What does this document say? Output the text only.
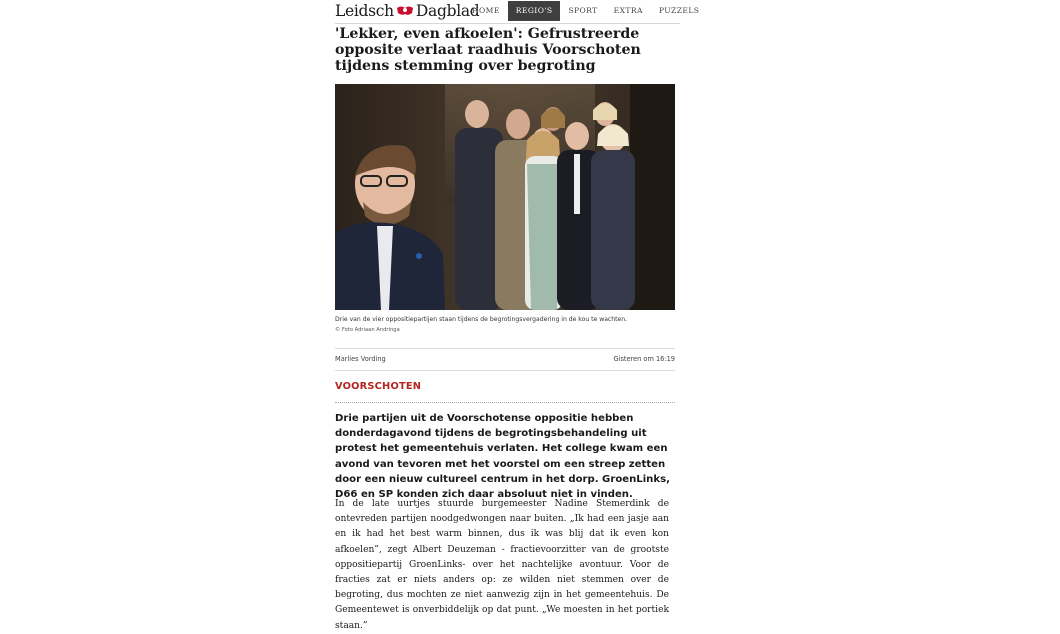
Leidsch Dagblad
HOME	REGIO'S	SPORT	EXTRA	PUZZELS
'Lekker, even afkoelen': Gefrustreerde opposite verlaat raadhuis Voorschoten tijdens stemming over begroting
Drie van de vier oppositiepartijen staan tijdens de begrotingsvergadering in de kou te wachten.
© Foto Adriaan Andringa
Marlies Vording	Gisteren om 16:19
VOORSCHOTEN

Drie partijen uit de Voorschotense oppositie hebben donderdagavond tijdens de begrotingsbehandeling uit protest het gemeentehuis verlaten. Het college kwam een avond van tevoren met het voorstel om een streep zetten door een nieuw cultureel centrum in het dorp. GroenLinks, D66 en SP konden zich daar absoluut niet in vinden.

In de late uurtjes stuurde burgemeester Nadine Stemerdink de ontevreden partijen noodgedwongen naar buiten. „Ik had een jasje aan en ik had het best warm binnen, dus ik was blij dat ik even kon afkoelen”, zegt Albert Deuzeman - fractievoorzitter van de grootste oppositiepartij GroenLinks- over het nachtelijke avontuur. Voor de fracties zat er niets anders op: ze wilden niet stemmen over de begroting, dus mochten ze niet aanwezig zijn in het gemeentehuis. De Gemeentewet is onverbiddelijk op dat punt. „We moesten in het portiek staan.”
